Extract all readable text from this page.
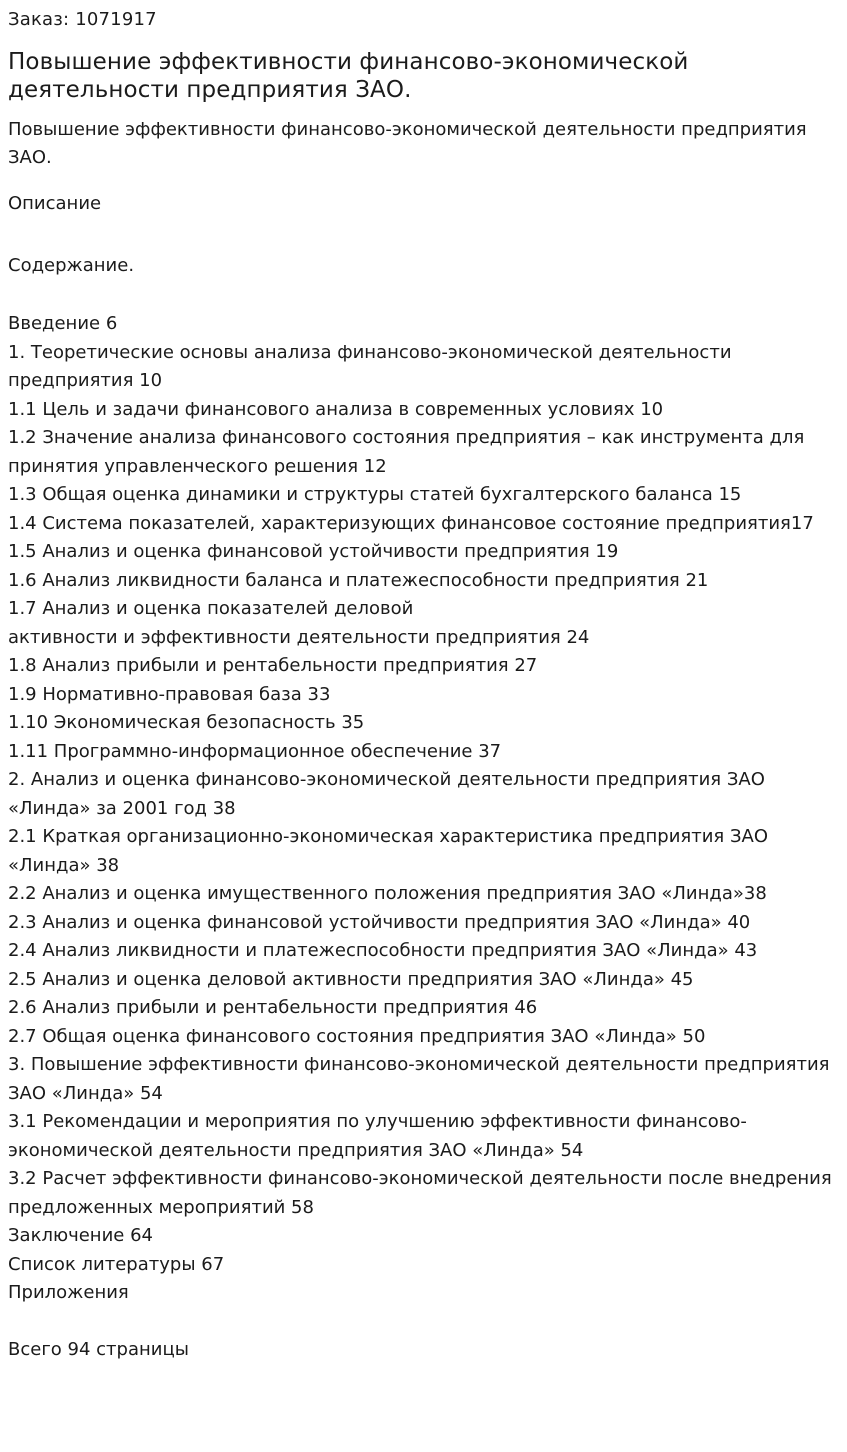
Заказ: 1071917

Повышение эффективности финансово-экономической деятельности предприятия ЗАО.

Повышение эффективности финансово-экономической деятельности предприятия ЗАО.

Описание

Содержание.

Введение 6
1. Теоретические основы анализа финансово-экономической деятельности предприятия 10
1.1 Цель и задачи финансового анализа в современных условиях 10
1.2 Значение анализа финансового состояния предприятия – как инструмента для принятия управленческого решения 12
1.3 Общая оценка динамики и структуры статей бухгалтерского баланса 15
1.4 Система показателей, характеризующих финансовое состояние предприятия17
1.5 Анализ и оценка финансовой устойчивости предприятия 19
1.6 Анализ ликвидности баланса и платежеспособности предприятия 21
1.7 Анализ и оценка показателей деловой
активности и эффективности деятельности предприятия 24
1.8 Анализ прибыли и рентабельности предприятия 27
1.9 Нормативно-правовая база 33
1.10 Экономическая безопасность 35
1.11 Программно-информационное обеспечение 37
2. Анализ и оценка финансово-экономической деятельности предприятия ЗАО «Линда» за 2001 год 38
2.1 Краткая организационно-экономическая характеристика предприятия ЗАО «Линда» 38
2.2 Анализ и оценка имущественного положения предприятия ЗАО «Линда»38
2.3 Анализ и оценка финансовой устойчивости предприятия ЗАО «Линда» 40
2.4 Анализ ликвидности и платежеспособности предприятия ЗАО «Линда» 43
2.5 Анализ и оценка деловой активности предприятия ЗАО «Линда» 45
2.6 Анализ прибыли и рентабельности предприятия 46
2.7 Общая оценка финансового состояния предприятия ЗАО «Линда» 50
3. Повышение эффективности финансово-экономической деятельности предприятия ЗАО «Линда» 54
3.1 Рекомендации и мероприятия по улучшению эффективности финансово-экономической деятельности предприятия ЗАО «Линда» 54
3.2 Расчет эффективности финансово-экономической деятельности после внедрения предложенных мероприятий 58
Заключение 64
Список литературы 67
Приложения

Всего 94 страницы
